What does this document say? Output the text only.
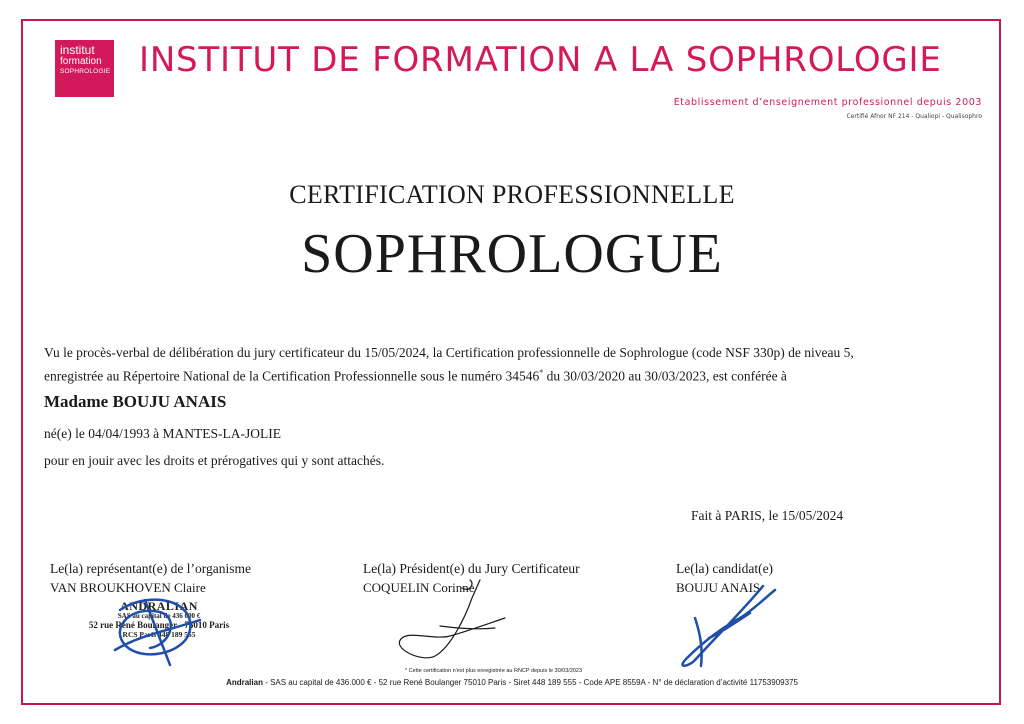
institut
formation
SOPHROLOGIE INSTITUT DE FORMATION A LA SOPHROLOGIE
Etablissement d’enseignement professionnel depuis 2003
Certifié Afnor NF 214 - Qualiopi - Qualisophro
CERTIFICATION PROFESSIONNELLE
SOPHROLOGUE
Vu le procès-verbal de délibération du jury certificateur du 15/05/2024, la Certification professionnelle de Sophrologue (code NSF 330p) de niveau 5,
enregistrée au Répertoire National de la Certification Professionnelle sous le numéro 34546* du 30/03/2020 au 30/03/2023, est conférée à
Madame BOUJU ANAIS
né(e) le 04/04/1993 à MANTES-LA-JOLIE
pour en jouir avec les droits et prérogatives qui y sont attachés.
Fait à PARIS, le 15/05/2024
Le(la) représentant(e) de l’organisme
VAN BROUKHOVEN Claire
Le(la) Président(e) du Jury Certificateur
COQUELIN Corinne
Le(la) candidat(e)
BOUJU ANAIS
ANDRALIAN
SAS au capital de 436 000 €
52 rue René Boulanger - 75010 Paris
RCS Paris 448 189 555
* Cette certification n'est plus enregistrée au RNCP depuis le 30/03/2023
Andralian - SAS au capital de 436.000 € - 52 rue René Boulanger 75010 Paris - Siret 448 189 555 - Code APE 8559A - N° de déclaration d’activité 11753909375
